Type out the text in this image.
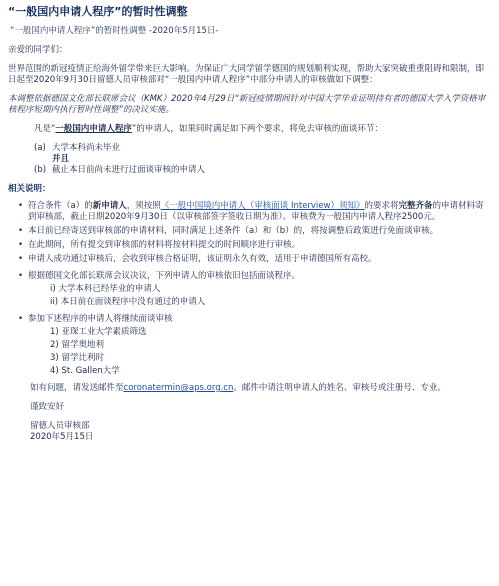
“一般国内申请人程序”的暂时性调整
“一般国内申请人程序”的暂时性调整 -2020年5月15日-

亲爱的同学们：

世界范围的新冠疫情正给海外留学带来巨大影响。为保证广大同学留学德国的规划顺利实现，帮助大家突破重重阻碍和限制，即日起至2020年9月30日留德人员审核部对“一般国内申请人程序”中部分申请人的审核做如下调整：

本调整依据德国文化部长联席会议（KMK）2020年4月29日“新冠疫情期间针对中国大学毕业证明持有者的德国大学入学资格审核程序短期内执行暂时性调整”的决议实施。

凡是“一般国内申请人程序”的申请人，如果同时满足如下两个要求，将免去审核的面谈环节：

(a) 大学本科尚未毕业
并且
(b) 截止本日前尚未进行过面谈审核的申请人
相关说明：
• 符合条件（a）的新申请人，须按照《一般中国境内申请人（审核面谈 Interview）须知》的要求将完整齐备的申请材料寄到审核部，截止日期2020年9月30日（以审核部签字签收日期为准）。审核费为一般国内申请人程序2500元。
• 本日前已经寄送到审核部的申请材料，同时满足上述条件（a）和（b）的，将按调整后政策进行免面谈审核。
• 在此期间，所有提交到审核部的材料将按材料提交的时间顺序进行审核。
• 申请人成功通过审核后，会收到审核合格证明，该证明永久有效，适用于申请德国所有高校。
• 根据德国文化部长联席会议决议，下列申请人的审核依旧包括面谈程序。
i) 大学本科已经毕业的申请人
ii) 本日前在面谈程序中没有通过的申请人
• 参加下述程序的申请人将继续面谈审核
1) 亚琛工业大学素质筛选
2) 留学奥地利
3) 留学比利时
4) St. Gallen大学

如有问题，请发送邮件至coronatermin@aps.org.cn。邮件中请注明申请人的姓名、审核号或注册号、专业。

谨致安好

留德人员审核部
2020年5月15日
